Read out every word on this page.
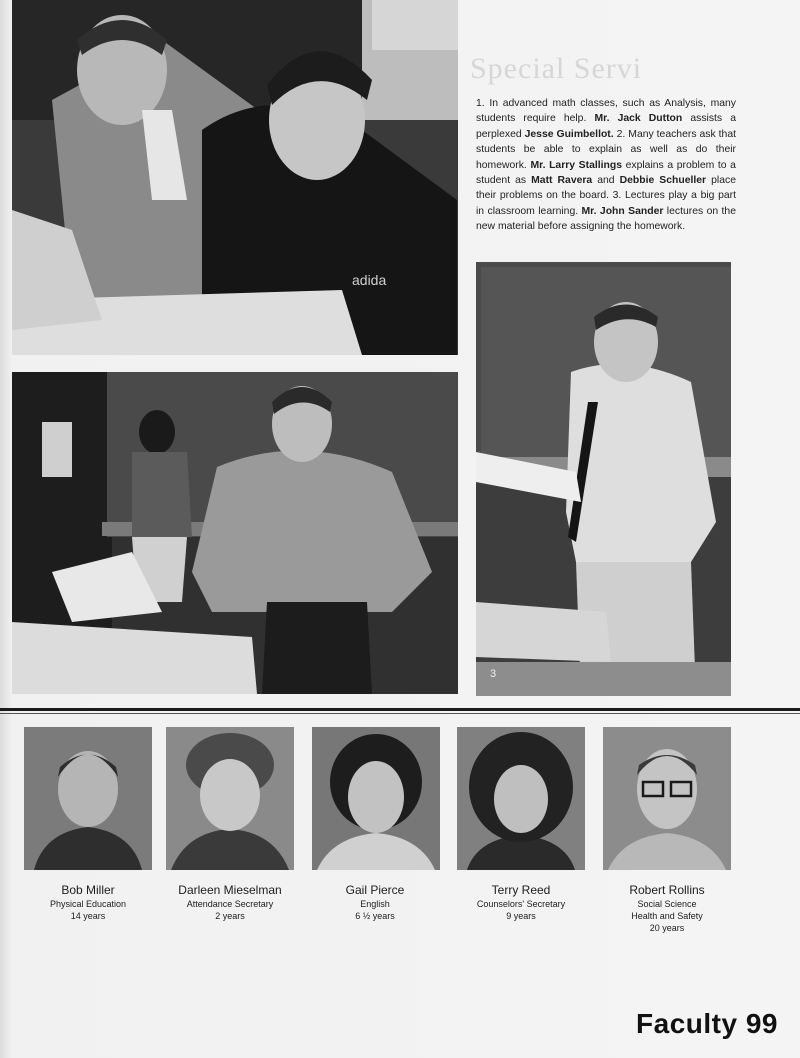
adida
Special Servi
1. In advanced math classes, such as Analysis, many students require help. Mr. Jack Dutton assists a perplexed Jesse Guimbellot. 2. Many teachers ask that students be able to explain as well as do their homework. Mr. Larry Stallings explains a problem to a student as Matt Ravera and Debbie Schueller place their problems on the board. 3. Lectures play a big part in classroom learning. Mr. John Sander lectures on the new material before assigning the homework.
3
Bob Miller
Physical Education
14 years
Darleen Mieselman
Attendance Secretary
2 years
Gail Pierce
English
6 ½ years
Terry Reed
Counselors' Secretary
9 years
Robert Rollins
Social Science
Health and Safety
20 years
Faculty 99
